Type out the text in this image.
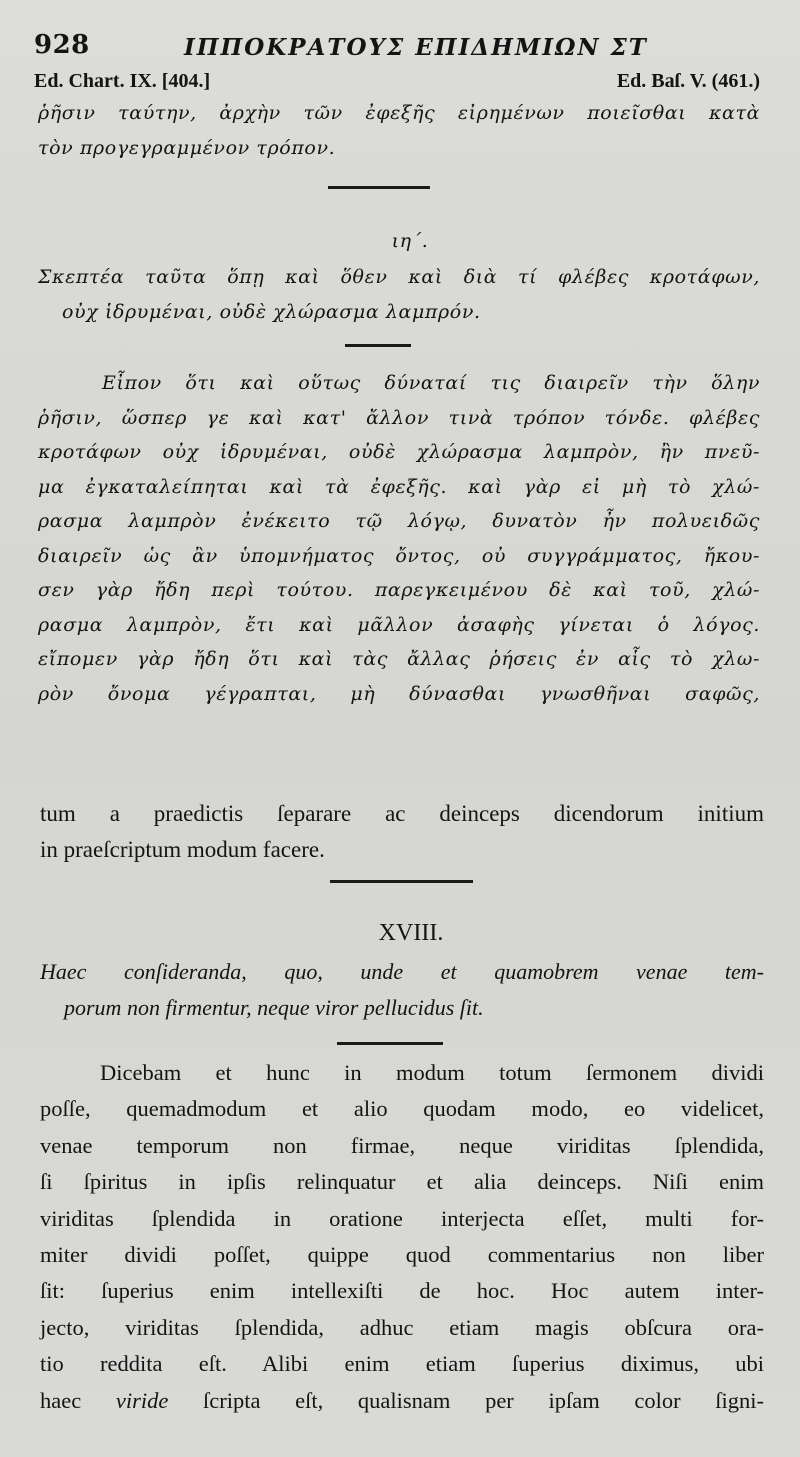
928	ΙΠΠΟΚΡΑΤΟΥΣ ΕΠΙΔΗΜΙΩΝ ΣΤ
Ed. Chart. IX. [404.]	Ed. Baſ. V. (461.)
ῥῆσιν ταύτην, ἀρχὴν τῶν ἐφεξῆς εἰρημένων ποιεῖσθαι κατὰ
τὸν προγεγραμμένον τρόπον.
ιη΄.
Σκεπτέα ταῦτα ὅπῃ καὶ ὅθεν καὶ διὰ τί φλέβες κροτάφων,
οὐχ ἱδρυμέναι, οὐδὲ χλώρασμα λαμπρόν.
Εἶπον ὅτι καὶ οὕτως δύναταί τις διαιρεῖν τὴν ὅλην
ῥῆσιν, ὥσπερ γε καὶ κατ' ἄλλον τινὰ τρόπον τόνδε. φλέβες
κροτάφων οὐχ ἱδρυμέναι, οὐδὲ χλώρασμα λαμπρὸν, ἢν πνεῦ-
μα ἐγκαταλείπηται καὶ τὰ ἐφεξῆς. καὶ γὰρ εἰ μὴ τὸ χλώ-
ρασμα λαμπρὸν ἐνέκειτο τῷ λόγῳ, δυνατὸν ἦν πολυειδῶς
διαιρεῖν ὡς ἂν ὑπομνήματος ὄντος, οὐ συγγράμματος, ἤκου-
σεν γὰρ ἤδη περὶ τούτου. παρεγκειμένου δὲ καὶ τοῦ, χλώ-
ρασμα λαμπρὸν, ἔτι καὶ μᾶλλον ἀσαφὴς γίνεται ὁ λόγος.
εἴπομεν γὰρ ἤδη ὅτι καὶ τὰς ἄλλας ῥήσεις ἐν αἷς τὸ χλω-
ρὸν ὄνομα γέγραπται, μὴ δύνασθαι γνωσθῆναι σαφῶς,
tum a praedictis ſeparare ac deinceps dicendorum initium
in praeſcriptum modum facere.
XVIII.
Haec conſideranda, quo, unde et quamobrem venae tem-
porum non firmentur, neque viror pellucidus ſit.
Dicebam et hunc in modum totum ſermonem dividi
poſſe, quemadmodum et alio quodam modo, eo videlicet,
venae temporum non firmae, neque viriditas ſplendida,
ſi ſpiritus in ipſis relinquatur et alia deinceps. Niſi enim
viriditas ſplendida in oratione interjecta eſſet, multi for-
miter dividi poſſet, quippe quod commentarius non liber
ſit: ſuperius enim intellexiſti de hoc. Hoc autem inter-
jecto, viriditas ſplendida, adhuc etiam magis obſcura ora-
tio reddita eſt. Alibi enim etiam ſuperius diximus, ubi
haec viride ſcripta eſt, qualisnam per ipſam color ſigni-
